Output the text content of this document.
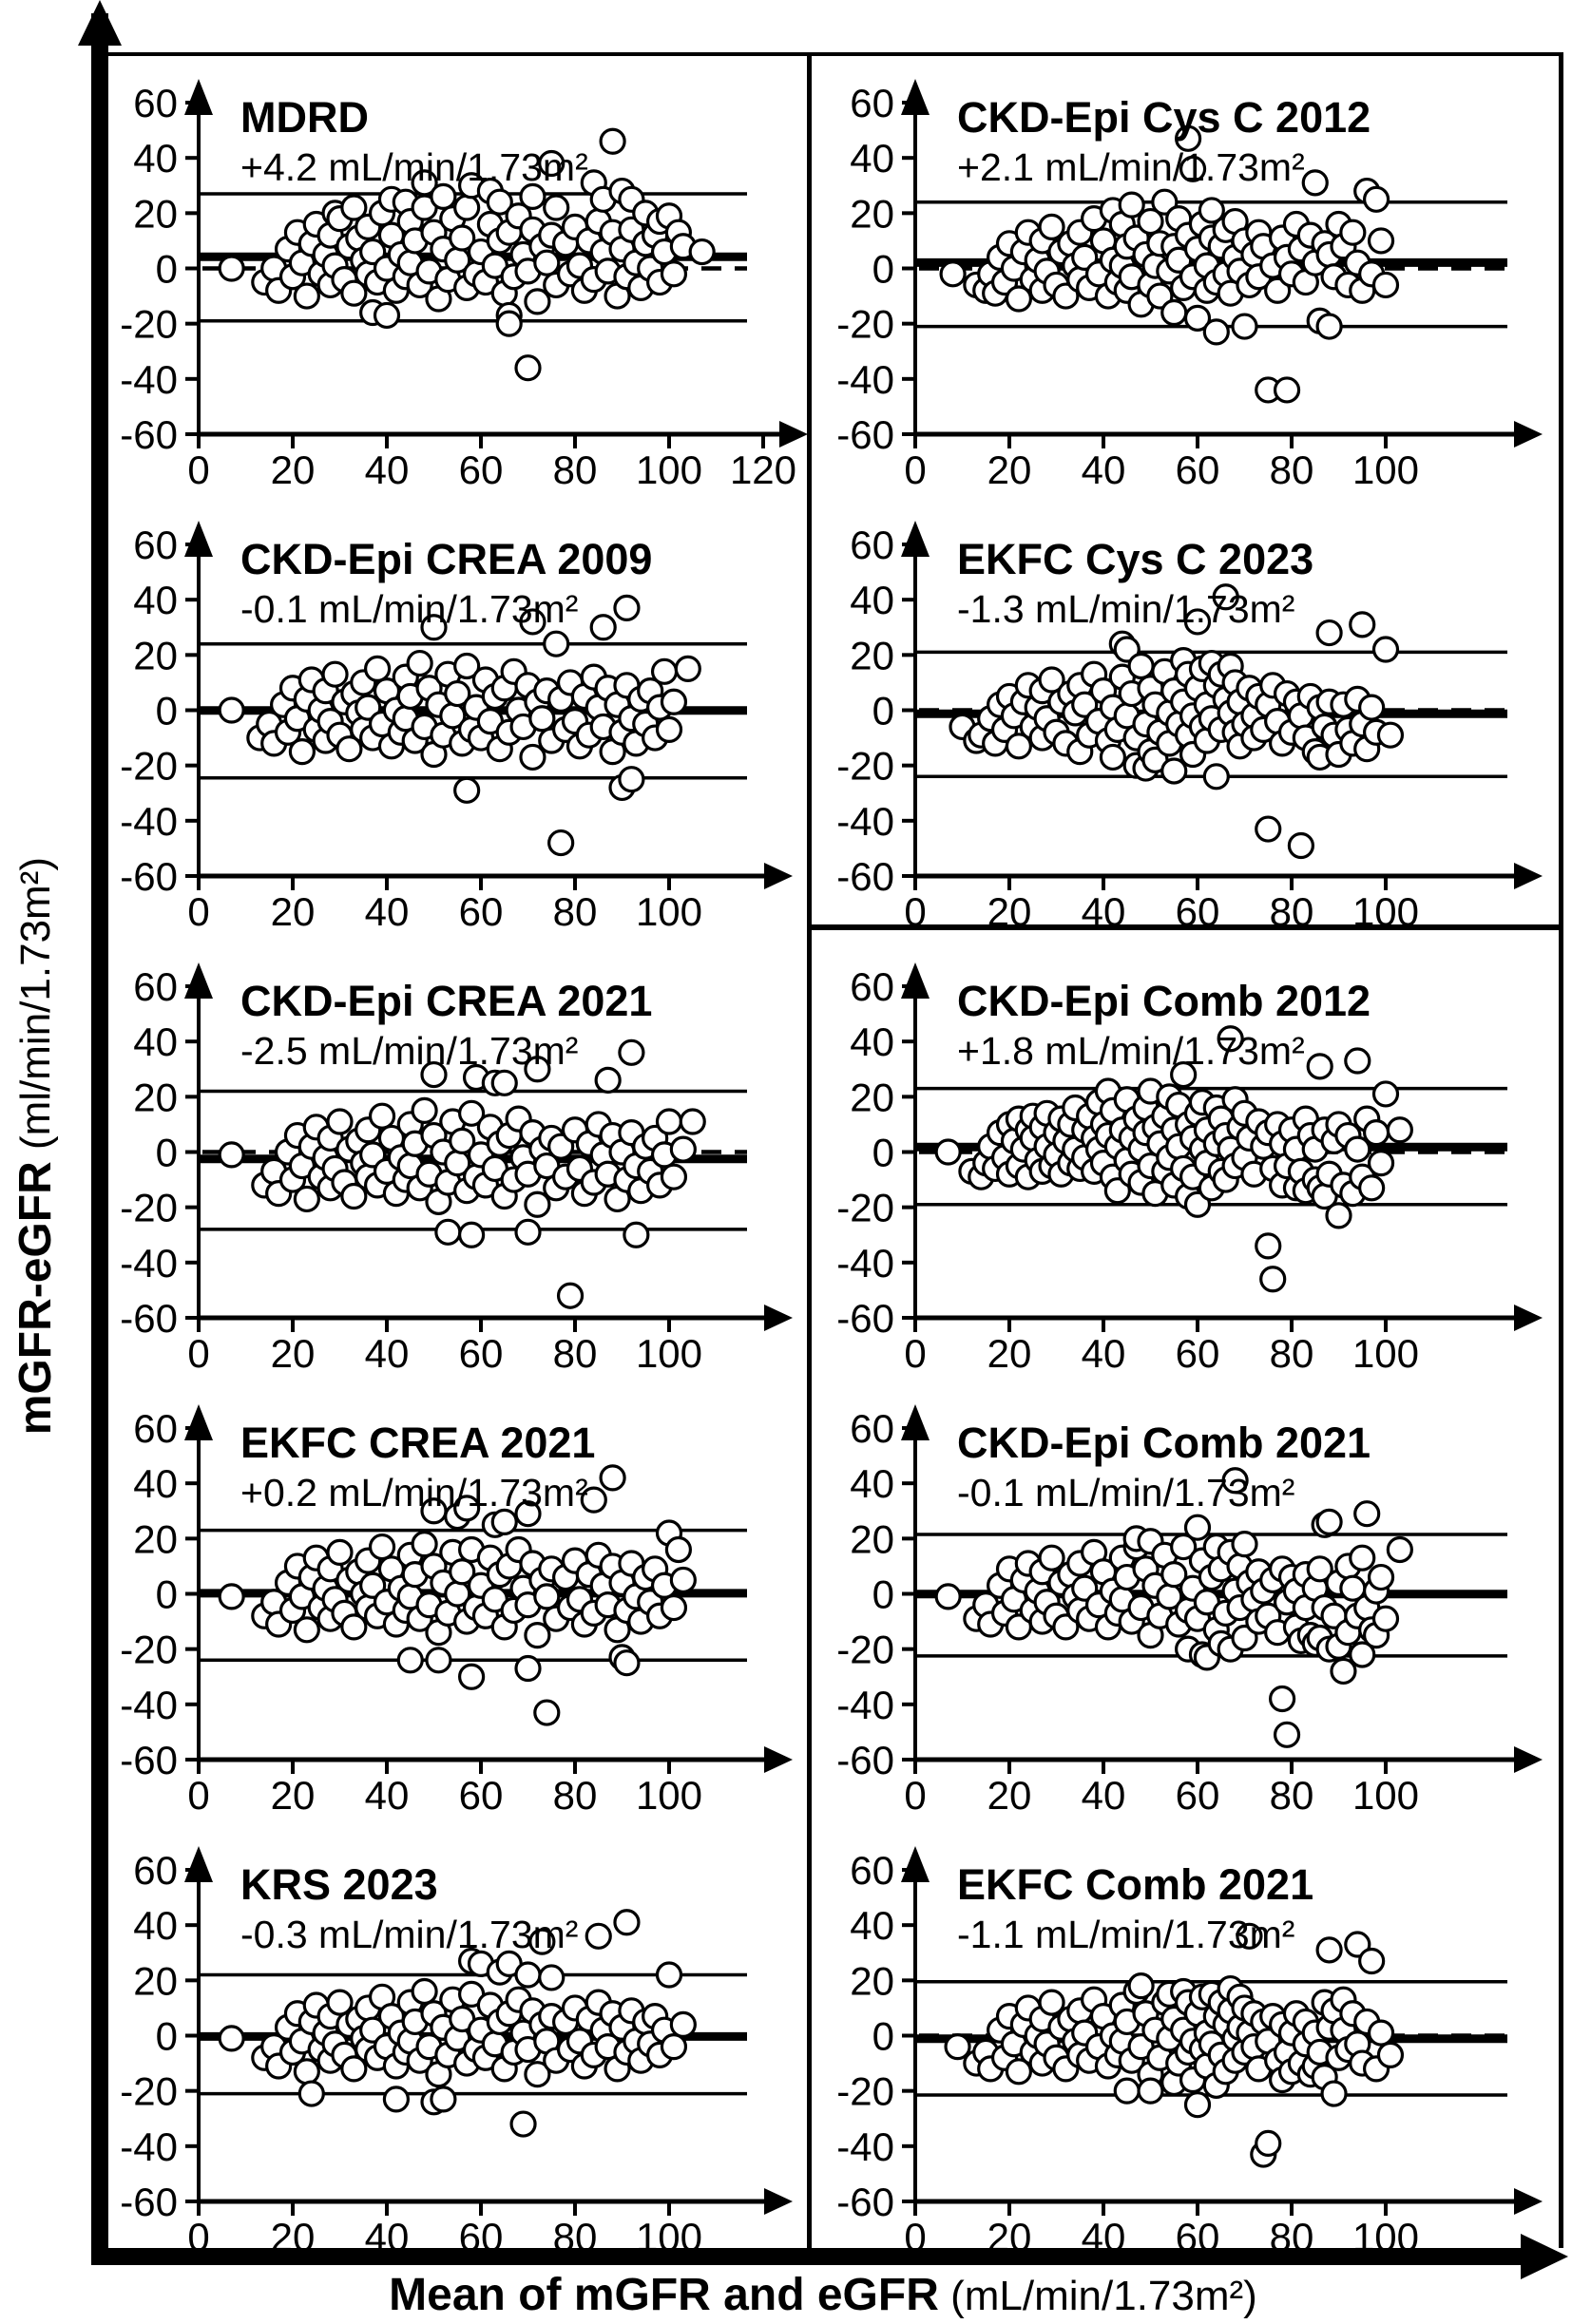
-60
-40
-20
0
20
40
60
0 20 40 60 80 100 120
MDRD
+4.2 mL/min/1.73m²
-60
-40
-20
0
20
40
60
0 20 40 60 80 100
CKD-Epi CREA 2009
-0.1 mL/min/1.73m²
-60
-40
-20
0
20
40
60
0 20 40 60 80 100
CKD-Epi CREA 2021
-2.5 mL/min/1.73m²
-60
-40
-20
0
20
40
60
0 20 40 60 80 100
EKFC CREA 2021
+0.2 mL/min/1.73m²
-60
-40
-20
0
20
40
60
0 20 40 60 80 100
KRS 2023
-0.3 mL/min/1.73m²
-60
-40
-20
0
20
40
60
0 20 40 60 80 100
CKD-Epi Cys C 2012
+2.1 mL/min/1.73m²
-60
-40
-20
0
20
40
60
0 20 40 60 80 100
EKFC Cys C 2023
-1.3 mL/min/1.73m²
-60
-40
-20
0
20
40
60
0 20 40 60 80 100
CKD-Epi Comb 2012
+1.8 mL/min/1.73m²
-60
-40
-20
0
20
40
60
0 20 40 60 80 100
CKD-Epi Comb 2021
-0.1 mL/min/1.73m²
-60
-40
-20
0
20
40
60
0 20 40 60 80 100
EKFC Comb 2021
-1.1 mL/min/1.73m²
Mean of mGFR and eGFR (mL/min/1.73m²)
mGFR-eGFR (ml/min/1.73m²)
